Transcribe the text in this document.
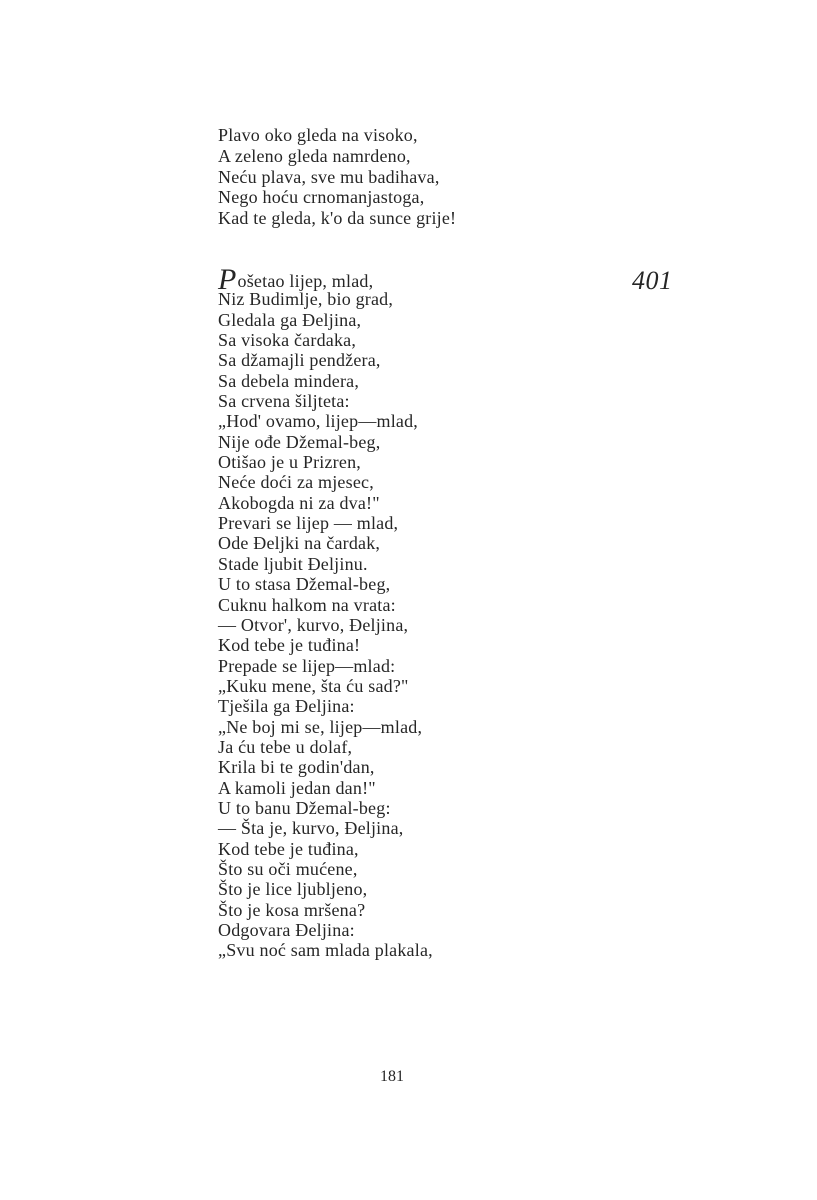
Plavo oko gleda na visoko,
A zeleno gleda namrdeno,
Neću plava, sve mu badihava,
Nego hoću crnomanjastoga,
Kad te gleda, k'o da sunce grije!
401
Pošetao lijep, mlad,
Niz Budimlje, bio grad,
Gledala ga Đeljina,
Sa visoka čardaka,
Sa džamajli pendžera,
Sa debela mindera,
Sa crvena šiljteta:
„Hod' ovamo, lijep—mlad,
Nije ođe Džemal-beg,
Otišao je u Prizren,
Neće doći za mjesec,
Akobogda ni za dva!"
Prevari se lijep — mlad,
Ode Đeljki na čardak,
Stade ljubit Đeljinu.
U to stasa Džemal-beg,
Cuknu halkom na vrata:
— Otvor', kurvo, Đeljina,
Kod tebe je tuđina!
Prepade se lijep—mlad:
„Kuku mene, šta ću sad?"
Tješila ga Đeljina:
„Ne boj mi se, lijep—mlad,
Ja ću tebe u dolaf,
Krila bi te godin'dan,
A kamoli jedan dan!"
U to banu Džemal-beg:
— Šta je, kurvo, Đeljina,
Kod tebe je tuđina,
Što su oči mućene,
Što je lice ljubljeno,
Što je kosa mršena?
Odgovara Đeljina:
„Svu noć sam mlada plakala,
181
